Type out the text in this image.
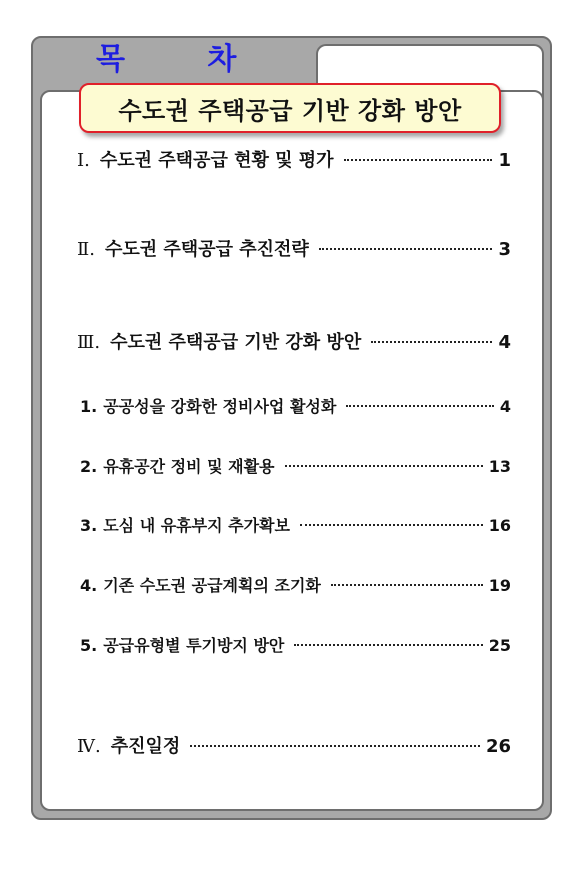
목 차
수도권 주택공급 기반 강화 방안
Ⅰ. 수도권 주택공급 현황 및 평가	1
Ⅱ. 수도권 주택공급 추진전략	3
Ⅲ. 수도권 주택공급 기반 강화 방안	4
1. 공공성을 강화한 정비사업 활성화	4
2. 유휴공간 정비 및 재활용	13
3. 도심 내 유휴부지 추가확보	16
4. 기존 수도권 공급계획의 조기화	19
5. 공급유형별 투기방지 방안	25
Ⅳ. 추진일정	26
